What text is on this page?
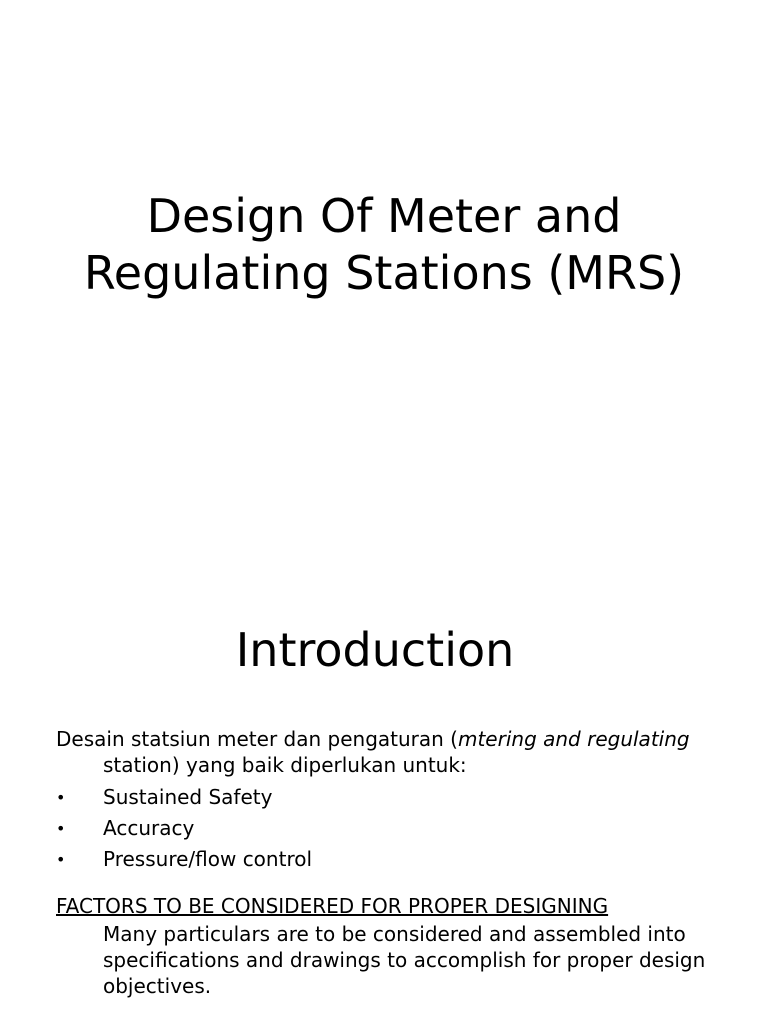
Design Of Meter and
Regulating Stations (MRS)
Introduction

Desain statsiun meter dan pengaturan (mtering and regulating station) yang baik diperlukan untuk:

• Sustained Safety
• Accuracy
• Pressure/flow control

FACTORS TO BE CONSIDERED FOR PROPER DESIGNING

Many particulars are to be considered and assembled into specifications and drawings to accomplish for proper design objectives.
